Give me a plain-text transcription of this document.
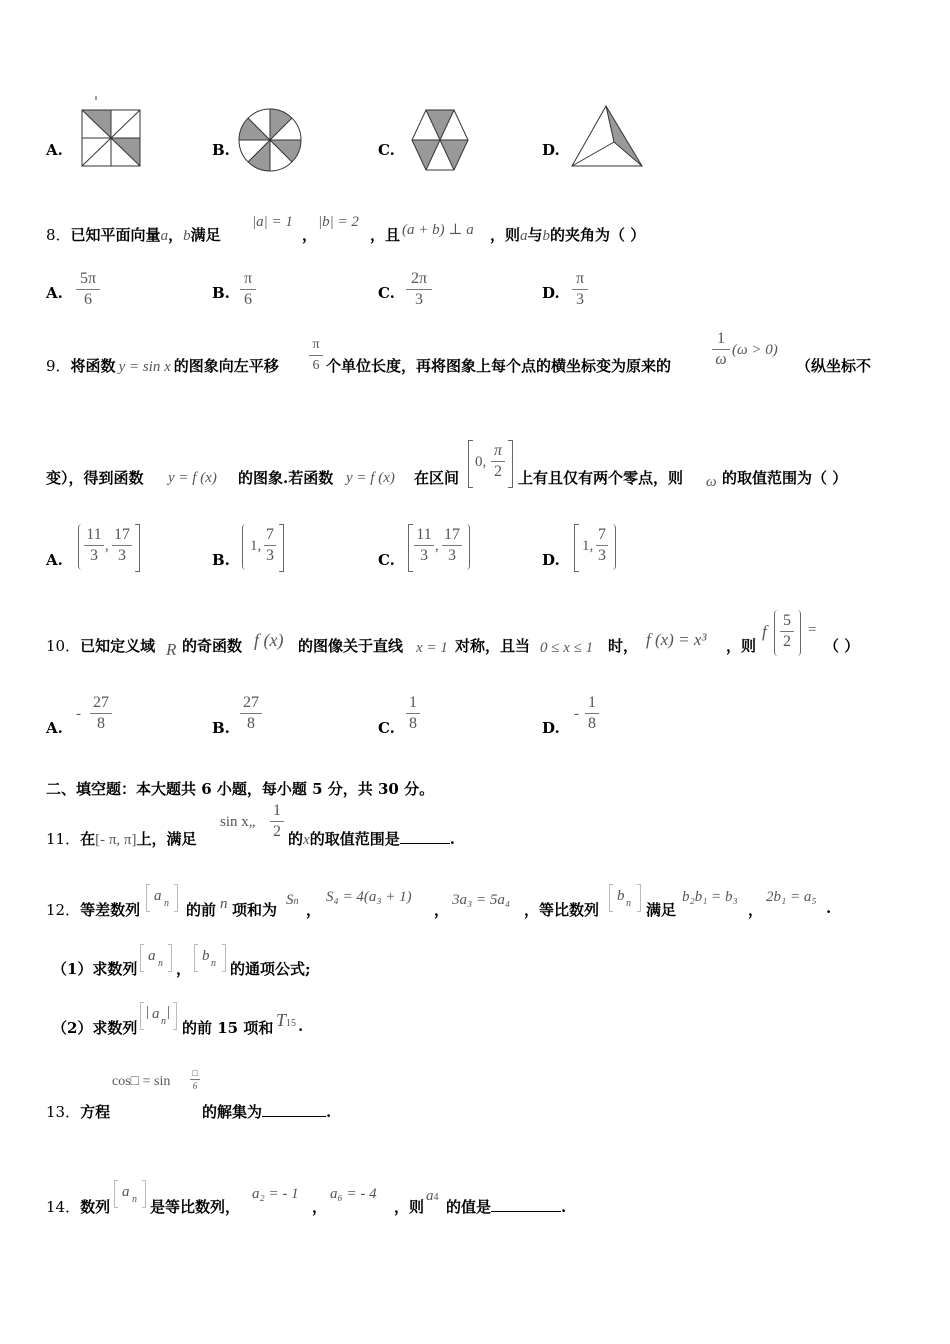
A.	B.	C.	D.
8．已知平面向量a，b满足
|a| = 1
，
|b| = 2
，且 (a + b) ⊥ a ，则a与b的夹角为（ ）
A.
5π
6	B.
π
6	C.
2π
3	D.
π
3
9．将函数 y = sin x 的图象向左平移
π
6 个单位长度，再将图象上每个点的横坐标变为原来的
1
ω
(ω > 0)
（纵坐标不
变），得到函数 y = f (x) 的图象.若函数 y = f (x) 在区间
0,
π
2 上有且仅有两个零点，则 ω 的取值范围为（ ）
A.
11
3
,
17
3	B.
1,
7
3	C.
11
3
,
17
3	D.
1,
7
3
10．已知定义域 R 的奇函数 f (x) 的图像关于直线 x = 1 对称，且当 0 ≤ x ≤ 1 时， f (x) = x³ ，则
f
5
2
=
（ ）
A.
-
27
8	B.
27
8	C.
1
8	D.
-
1
8
二、填空题：本大题共 6 小题，每小题 5 分，共 30 分。
11．在[- π, π]上，满足
sin x„
1
2 的x的取值范围是	.
12．等差数列
a n 的前 n 项和为
Sn ，
S₄ = 4(a₃ + 1)
，
3a₃ = 5a₄
，等比数列
b n 满足
b₂b₁ = b₃
，
2b₁ = a₅
.
（1）求数列
a n ，
b n 的通项公式;
（2）求数列
| a n
|
的前 15 项和 T15 .
cos□ = sin
□
6
13．方程	的解集为	.
14．数列
a n 是等比数列，
a₂ = - 1
，
a₆ = - 4
，则
a4
的值是	.
